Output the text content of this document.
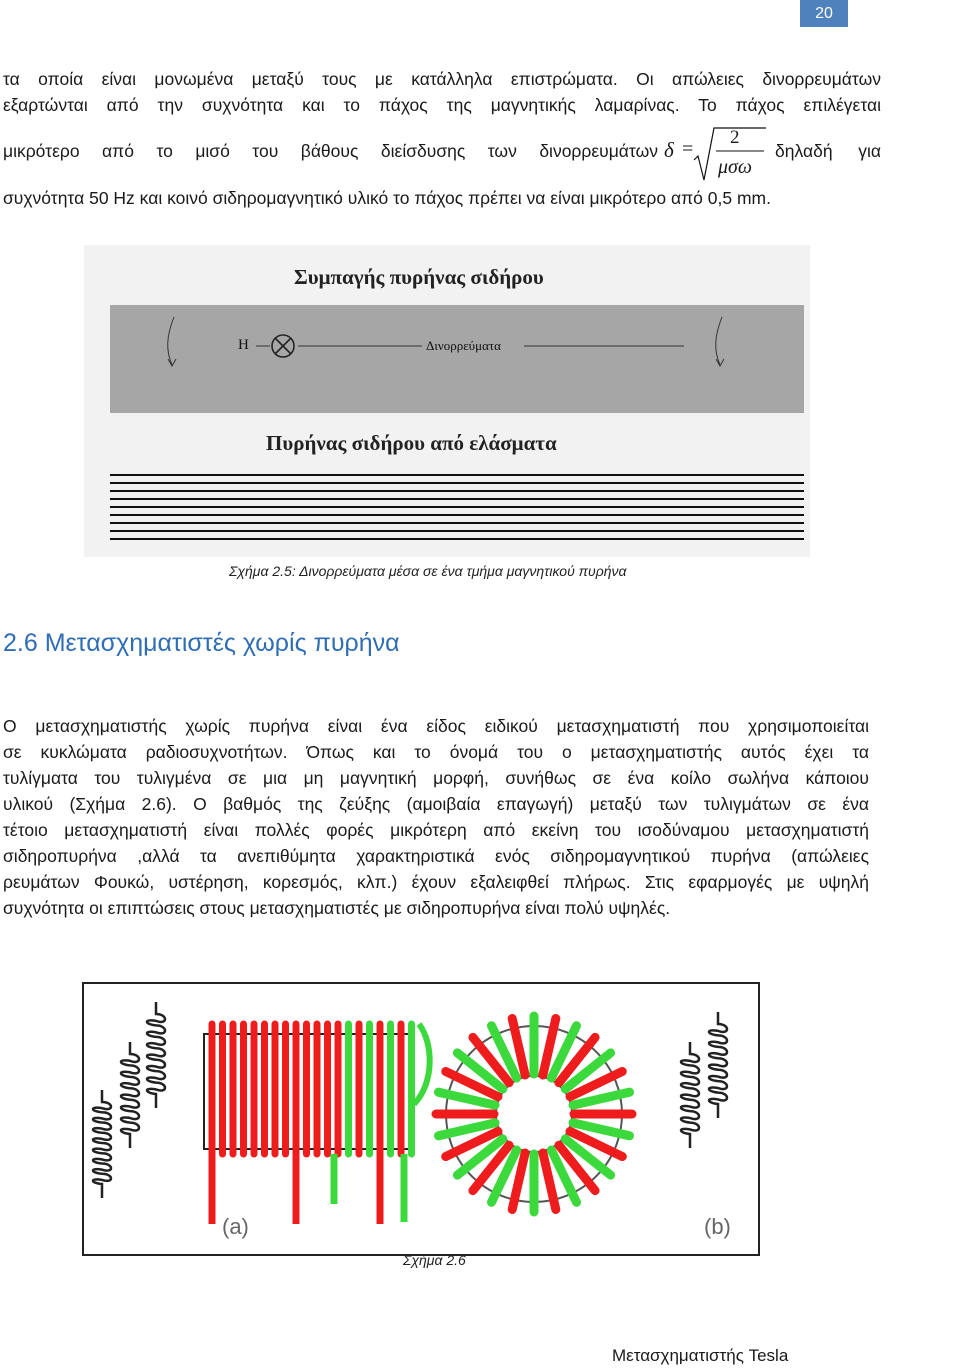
20

τα οποία είναι μονωμένα μεταξύ τους με κατάλληλα επιστρώματα. Οι απώλειες δινορρευμάτων

εξαρτώνται από την συχνότητα και το πάχος της μαγνητικής λαμαρίνας. Το πάχος επιλέγεται

μικρότερο από το μισό του βάθους διείσδυσης των δινορρευμάτων	δηλαδή για
δ =
2
μσω

συχνότητα 50 Hz και κοινό σιδηρομαγνητικό υλικό το πάχος πρέπει να είναι μικρότερο από 0,5 mm.

Συμπαγής πυρήνας σιδήρου
H	Δινορρεύματα
Πυρήνας σιδήρου από ελάσματα
Σχήμα 2.5: Δινορρεύματα μέσα σε ένα τμήμα μαγνητικού πυρήνα
2.6 Μετασχηματιστές χωρίς πυρήνα

Ο μετασχηματιστής χωρίς πυρήνα είναι ένα είδος ειδικού μετασχηματιστή που χρησιμοποιείται

σε κυκλώματα ραδιοσυχνοτήτων. Όπως και το όνομά του ο μετασχηματιστής αυτός έχει τα

τυλίγματα του τυλιγμένα σε μια μη μαγνητική μορφή, συνήθως σε ένα κοίλο σωλήνα κάποιου

υλικού (Σχήμα 2.6). Ο βαθμός της ζεύξης (αμοιβαία επαγωγή) μεταξύ των τυλιγμάτων σε ένα

τέτοιο μετασχηματιστή είναι πολλές φορές μικρότερη από εκείνη του ισοδύναμου μετασχηματιστή

σιδηροπυρήνα ,αλλά τα ανεπιθύμητα χαρακτηριστικά ενός σιδηρομαγνητικού πυρήνα (απώλειες

ρευμάτων Φουκώ, υστέρηση, κορεσμός, κλπ.) έχουν εξαλειφθεί πλήρως. Στις εφαρμογές με υψηλή

συχνότητα οι επιπτώσεις στους μετασχηματιστές με σιδηροπυρήνα είναι πολύ υψηλές.

(a)	(b)
Σχήμα 2.6
Μετασχηματιστής Tesla
